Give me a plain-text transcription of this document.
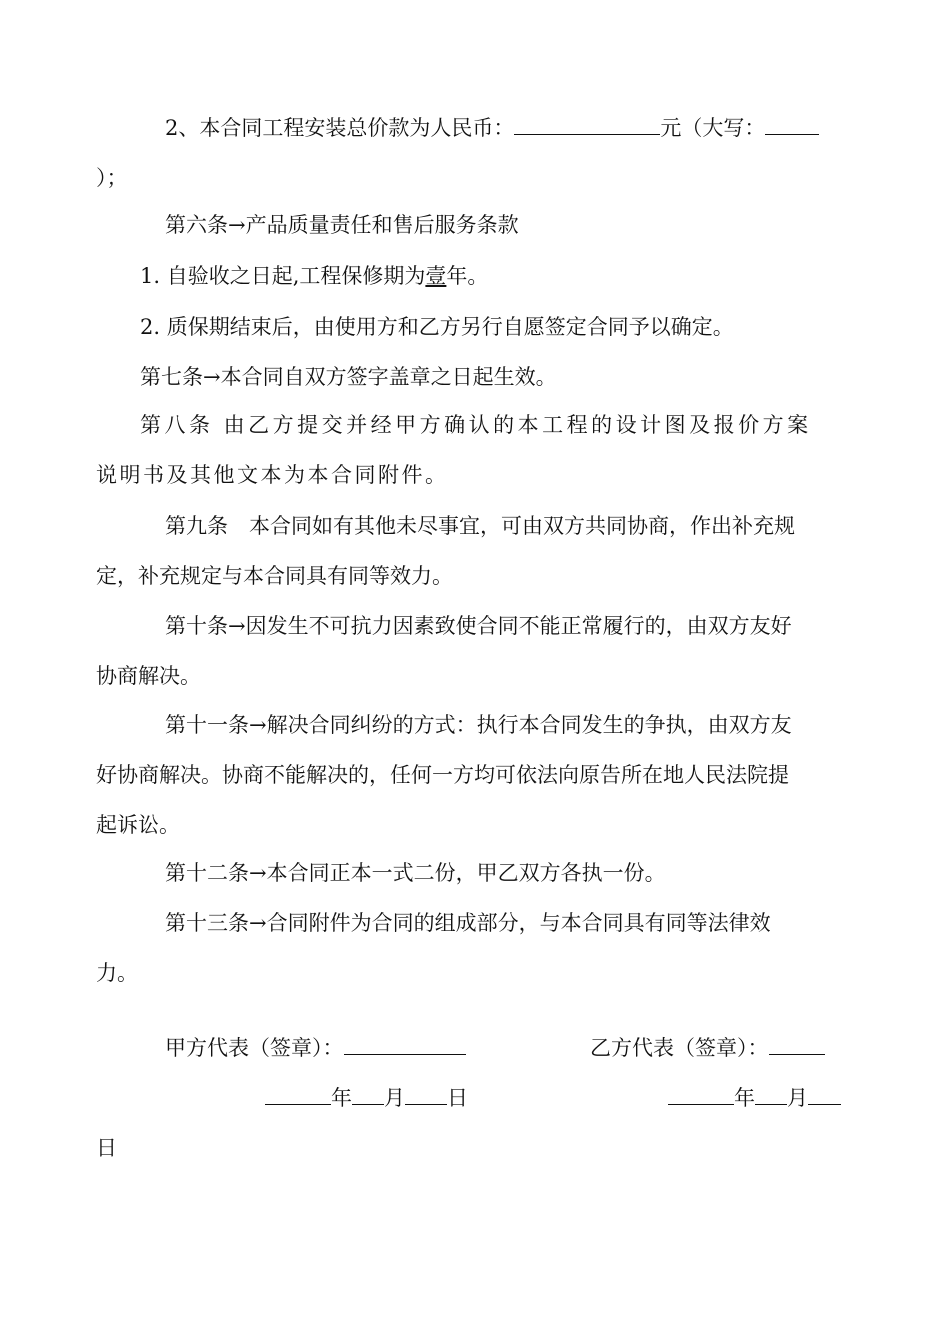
2、本合同工程安装总价款为人民币：	元（大写：
）；
第六条→产品质量责任和售后服务条款
1. 自验收之日起,工程保修期为壹年。
2. 质保期结束后，由使用方和乙方另行自愿签定合同予以确定。
第七条→本合同自双方签字盖章之日起生效。
第八条 由乙方提交并经甲方确认的本工程的设计图及报价方案
说明书及其他文本为本合同附件。
第九条　本合同如有其他未尽事宜，可由双方共同协商，作出补充规
定，补充规定与本合同具有同等效力。
第十条→因发生不可抗力因素致使合同不能正常履行的，由双方友好
协商解决。
第十一条→解决合同纠纷的方式：执行本合同发生的争执，由双方友
好协商解决。协商不能解决的，任何一方均可依法向原告所在地人民法院提
起诉讼。
第十二条→本合同正本一式二份，甲乙双方各执一份。
第十三条→合同附件为合同的组成部分，与本合同具有同等法律效
力。
甲方代表（签章）：	乙方代表（签章）：
年 月 日	年 月
日
